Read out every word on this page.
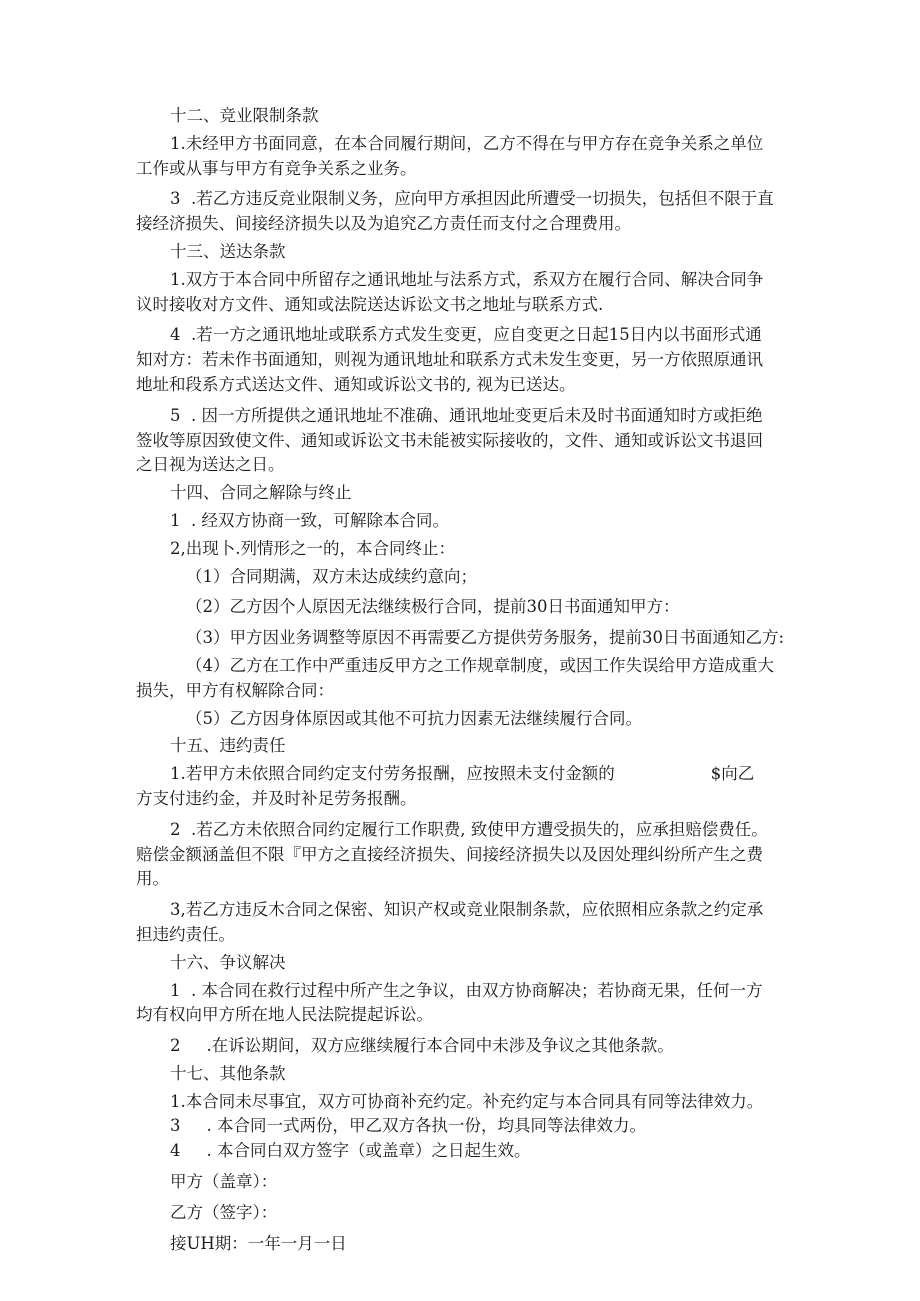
十二、竞业限制条款

1.未经甲方书面同意，在本合同履行期间，乙方不得在与甲方存在竞争关系之单位

工作或从事与甲方有竞争关系之业务。

3  .若乙方违反竞业限制义务，应向甲方承担因此所遭受一切损失，包括但不限于直

接经济损失、间接经济损失以及为追究乙方责任而支付之合理费用。

十三、送达条款

1.双方于本合同中所留存之通讯地址与法系方式，系双方在履行合同、解决合同争

议时接收对方文件、通知或法院送达诉讼文书之地址与联系方式.

4  .若一方之通讯地址或联系方式发生变更，应自变更之日起15日内以书面形式通

知对方：若未作书面通知，则视为通讯地址和联系方式未发生变更，另一方依照原通讯

地址和段系方式送达文件、通知或诉讼文书的, 视为已送达。

5  . 因一方所提供之通讯地址不准确、通讯地址变更后未及时书面通知时方或拒绝

签收等原因致使文件、通知或诉讼文书未能被实际接收的，文件、通知或诉讼文书退回

之日视为送达之日。

十四、合同之解除与终止

1  . 经双方协商一致，可解除本合同。

2,出现卜.列情形之一的，本合同终止：

（1）合同期满，双方未达成续约意向；

（2）乙方因个人原因无法继续极行合同，提前30日书面通知甲方：

（3）甲方因业务调整等原因不再需要乙方提供劳务服务，提前30日书面通知乙方:

（4）乙方在工作中严重违反甲方之工作规章制度，或因工作失误给甲方造成重大

损失，甲方有权解除合同：

（5）乙方因身体原因或其他不可抗力因素无法继续履行合同。

十五、违约责任

1.若甲方未依照合同约定支付劳务报酬，应按照未支付金额的	$向乙

方支付违约金，并及时补足劳务报酬。

2  .若乙方未依照合同约定履行工作职费, 致使甲方遭受损失的，应承担赔偿费任。

赔偿金额涵盖但不限『甲方之直接经济损失、间接经济损失以及因处理纠纷所产生之费

用。

3,若乙方违反木合同之保密、知识产权或竞业限制条款，应依照相应条款之约定承

担违约责任。

十六、争议解决

1  . 本合同在救行过程中所产生之争议，由双方协商解决；若协商无果，任何一方

均有权向甲方所在地人民法院提起诉讼。

2 .在诉讼期间，双方应继续履行本合同中未涉及争议之其他条款。

十七、其他条款

1.本合同未尽事宜，双方可协商补充约定。补充约定与本合同具有同等法律效力。

3 . 本合同一式两份，甲乙双方各执一份，均具同等法律效力。

4 . 本合同白双方签字（或盖章）之日起生效。

甲方（盖章）：

乙方（签字）：

接UH期：一年一月一日
